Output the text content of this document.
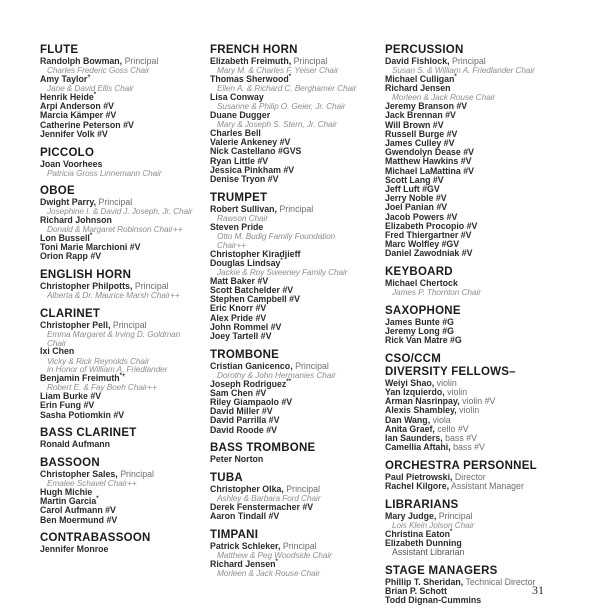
FLUTE
Randolph Bowman, Principal
Charles Frederic Goss Chair
Amy Taylor+
Jane & David Ellis Chair
Henrik Heide*
Arpi Anderson #V
Marcia Kämper #V
Catherine Peterson #V
Jennifer Volk #V
PICCOLO
Joan Voorhees
Patricia Gross Linnemann Chair
OBOE
Dwight Parry, Principal
Josephine I. & David J. Joseph, Jr. Chair
Richard Johnson
Donald & Margaret Robinson Chair++
Lon Bussell*
Toni Marie Marchioni #V
Orion Rapp #V
ENGLISH HORN
Christopher Philpotts, Principal
Alberta & Dr. Maurice Marsh Chair++
CLARINET
Christopher Pell, Principal
Emma Margaret & Irving D. Goldman
Chair
Ixi Chen
Vicky & Rick Reynolds Chair
in Honor of William A. Friedlander
Benjamin Freimuth*+
Robert E. & Fay Boeh Chair++
Liam Burke #V
Erin Fung #V
Sasha Potiomkin #V
BASS CLARINET
Ronald Aufmann
BASSOON
Christopher Sales, Principal
Emalee Schavel Chair++
Hugh Michie
Martin Garcia*
Carol Aufmann #V
Ben Moermund #V
CONTRABASSOON
Jennifer Monroe
FRENCH HORN
Elizabeth Freimuth, Principal
Mary M. & Charles F. Yeiser Chair
Thomas Sherwood*
Ellen A. & Richard C. Berghamer Chair
Lisa Conway
Susanne & Philip O. Geier, Jr. Chair
Duane Dugger
Mary & Joseph S. Stern, Jr. Chair
Charles Bell
Valerie Ankeney #V
Nick Castellano #GVS
Ryan Little #V
Jessica Pinkham #V
Denise Tryon #V
TRUMPET
Robert Sullivan, Principal
Rawson Chair
Steven Pride
Otto M. Budig Family Foundation
Chair++
Christopher Kiradjieff
Douglas Lindsay*
Jackie & Roy Sweeney Family Chair
Matt Baker #V
Scott Batchelder #V
Stephen Campbell #V
Eric Knorr #V
Alex Pride #V
John Rommel #V
Joey Tartell #V
TROMBONE
Cristian Ganicenco, Principal
Dorothy & John Hermanies Chair
Joseph Rodriguez**
Sam Chen #V
Riley Giampaolo #V
David Miller #V
David Parrilla #V
David Roode #V
BASS TROMBONE
Peter Norton
TUBA
Christopher Olka, Principal
Ashley & Barbara Ford Chair
Derek Fenstermacher #V
Aaron Tindall #V
TIMPANI
Patrick Schleker, Principal
Matthew & Peg Woodside Chair
Richard Jensen*
Morleen & Jack Rouse Chair
PERCUSSION
David Fishlock, Principal
Susan S. & William A. Friedlander Chair
Michael Culligan*
Richard Jensen
Morleen & Jack Rouse Chair
Jeremy Branson #V
Jack Brennan #V
Will Brown #V
Russell Burge #V
James Culley #V
Gwendolyn Dease #V
Matthew Hawkins #V
Michael LaMattina #V
Scott Lang #V
Jeff Luft #GV
Jerry Noble #V
Joel Panian #V
Jacob Powers #V
Elizabeth Procopio #V
Fred Thiergartner #V
Marc Wolfley #GV
Daniel Zawodniak #V
KEYBOARD
Michael Chertock
James P. Thornton Chair
SAXOPHONE
James Bunte #G
Jeremy Long #G
Rick Van Matre #G
CSO/CCM
DIVERSITY FELLOWS–
Weiyi Shao, violin
Yan Izquierdo, violin
Arman Nasrinpay, violin #V
Alexis Shambley, violin
Dan Wang, viola
Anita Graef, cello #V
Ian Saunders, bass #V
Camellia Aftahi, bass #V
ORCHESTRA PERSONNEL
Paul Pietrowski, Director
Rachel Kilgore, Assistant Manager
LIBRARIANS
Mary Judge, Principal
Lois Klein Jolson Chair
Christina Eaton*
Elizabeth Dunning
Assistant Librarian
STAGE MANAGERS
Phillip T. Sheridan, Technical Director
Brian P. Schott
Todd Dignan-Cummins
31
